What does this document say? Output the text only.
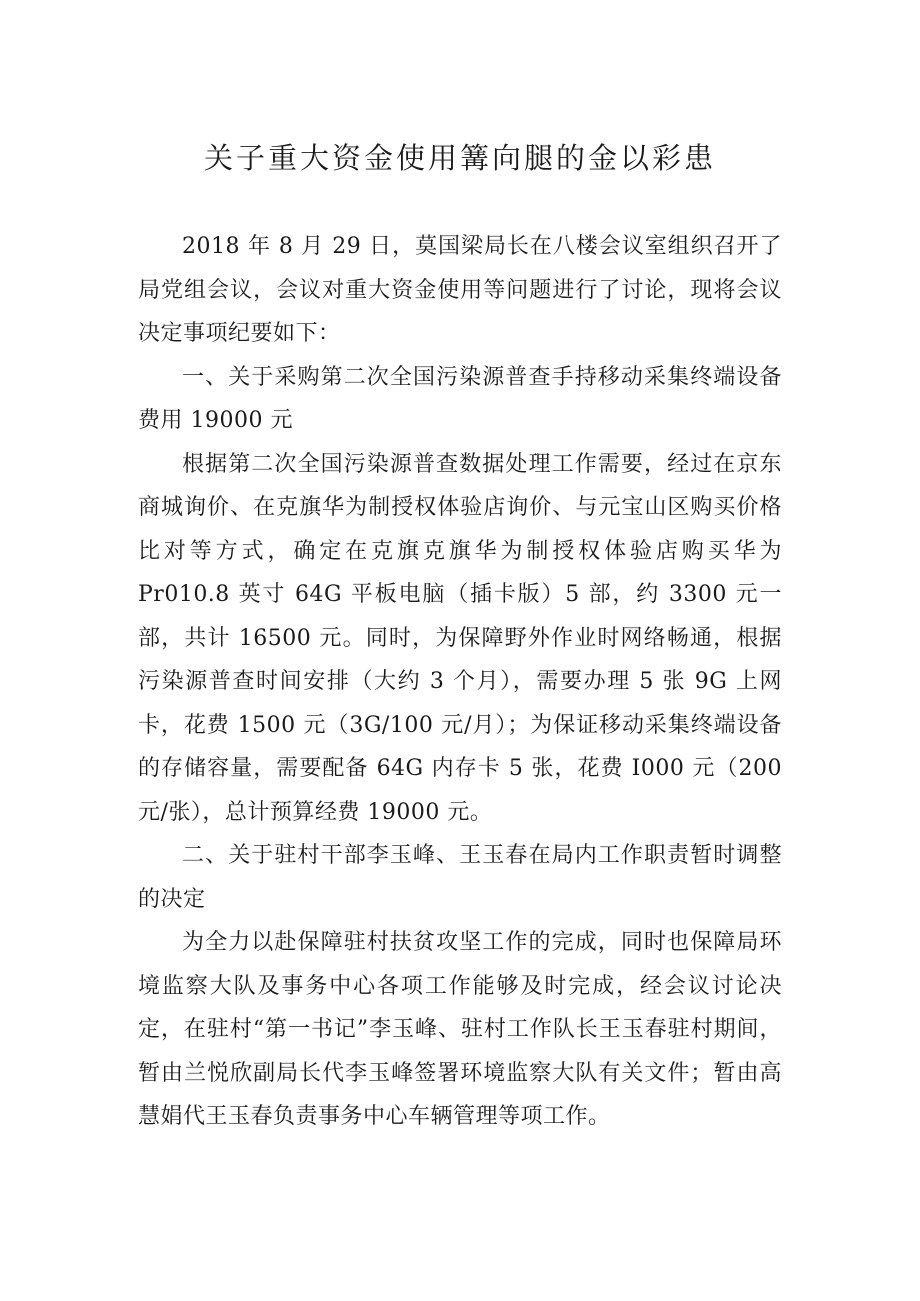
关子重大资金使用篝向腿的金以彩患

2018 年 8 月 29 日，莫国梁局长在八楼会议室组织召开了局党组会议，会议对重大资金使用等问题进行了讨论，现将会议决定事项纪要如下：

一、关于采购第二次全国污染源普查手持移动采集终端设备费用 19000 元

根据第二次全国污染源普查数据处理工作需要，经过在京东商城询价、在克旗华为制授权体验店询价、与元宝山区购买价格比对等方式，确定在克旗克旗华为制授权体验店购买华为 Pr010.8 英寸 64G 平板电脑（插卡版）5 部，约 3300 元一部，共计 16500 元。同时，为保障野外作业时网络畅通，根据污染源普查时间安排（大约 3 个月），需要办理 5 张 9G 上网卡，花费 1500 元（3G/100 元/月）；为保证移动采集终端设备的存储容量，需要配备 64G 内存卡 5 张，花费 I000 元（200 元/张），总计预算经费 19000 元。

二、关于驻村干部李玉峰、王玉春在局内工作职责暂时调整的决定

为全力以赴保障驻村扶贫攻坚工作的完成，同时也保障局环境监察大队及事务中心各项工作能够及时完成，经会议讨论决定，在驻村“第一书记”李玉峰、驻村工作队长王玉春驻村期间，暂由兰悦欣副局长代李玉峰签署环境监察大队有关文件；暂由高慧娟代王玉春负责事务中心车辆管理等项工作。
